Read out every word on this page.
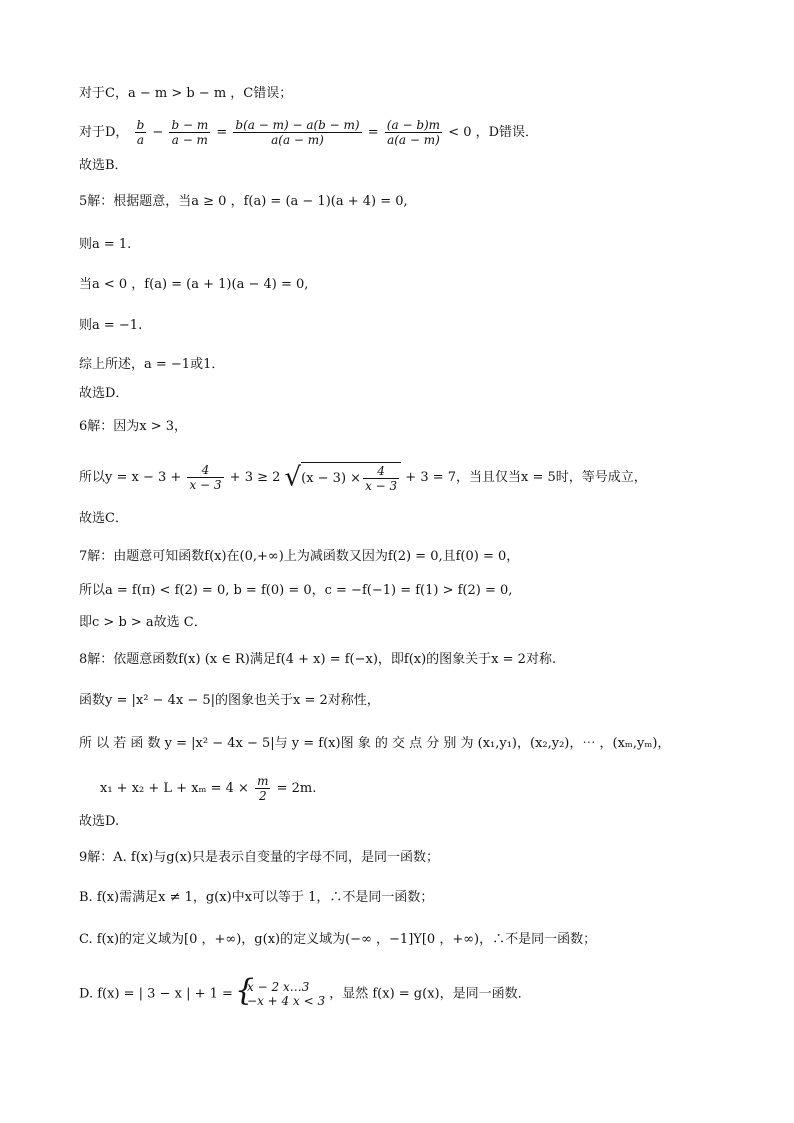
对于C，a − m > b − m ，C错误；
对于D， $\frac{b}{a} - \frac{b - m}{a - m} = \frac{b(a - m) - a(b - m)}{a(a - m)} = \frac{(a - b)m}{a(a - m)} < 0$ ，D错误．
故选B．
5解：根据题意，当a ≥ 0 ，f(a) = (a − 1)(a + 4) = 0,
则a = 1.
当a < 0 ，f(a) = (a + 1)(a − 4) = 0,
则a = −1.
综上所述，a = −1或1．
故选D．
6解：因为x > 3，
所以$y = x - 3 + \frac{4}{x - 3} + 3 \ge 2$ $√(x - 3) \times \frac{4}{x - 3} + 3 = 7$，当且仅当x = 5时，等号成立，
故选C．
7解：由题意可知函数f(x)在(0,+∞)上为减函数又因为f(2) = 0,且f(0) = 0，
所以a = f(π) < f(2) = 0, b = f(0) = 0，c = −f(−1) = f(1) > f(2) = 0,
即c > b > a故选 C．
8解：依题意函数f(x) (x ∈ R)满足f(4 + x) = f(−x)，即f(x)的图象关于x = 2对称.
函数y = |x² − 4x − 5|的图象也关于x = 2对称性，
所 以 若 函 数 y = |x² − 4x − 5|与 y = f(x)图 象 的 交 点 分 别 为 (x₁,y₁)，(x₂,y₂)，⋯ ，(xₘ,yₘ)，
$x_1 + x_2 + L + x_m = 4 \times \frac{m}{2} = 2m$.
故选D.
9解：A. f(x)与g(x)只是表示自变量的字母不同，是同一函数；
B. f(x)需满足x ≠ 1，g(x)中x可以等于 1，∴不是同一函数；
C. f(x)的定义域为[0 ，+∞)，g(x)的定义域为(−∞ ，−1]Y[0 ，+∞)，∴不是同一函数；
D. f(x) = | 3 − x | + 1 = {
x − 2 x…3
−x + 4 x < 3 ，显然 f(x) = g(x)，是同一函数．
